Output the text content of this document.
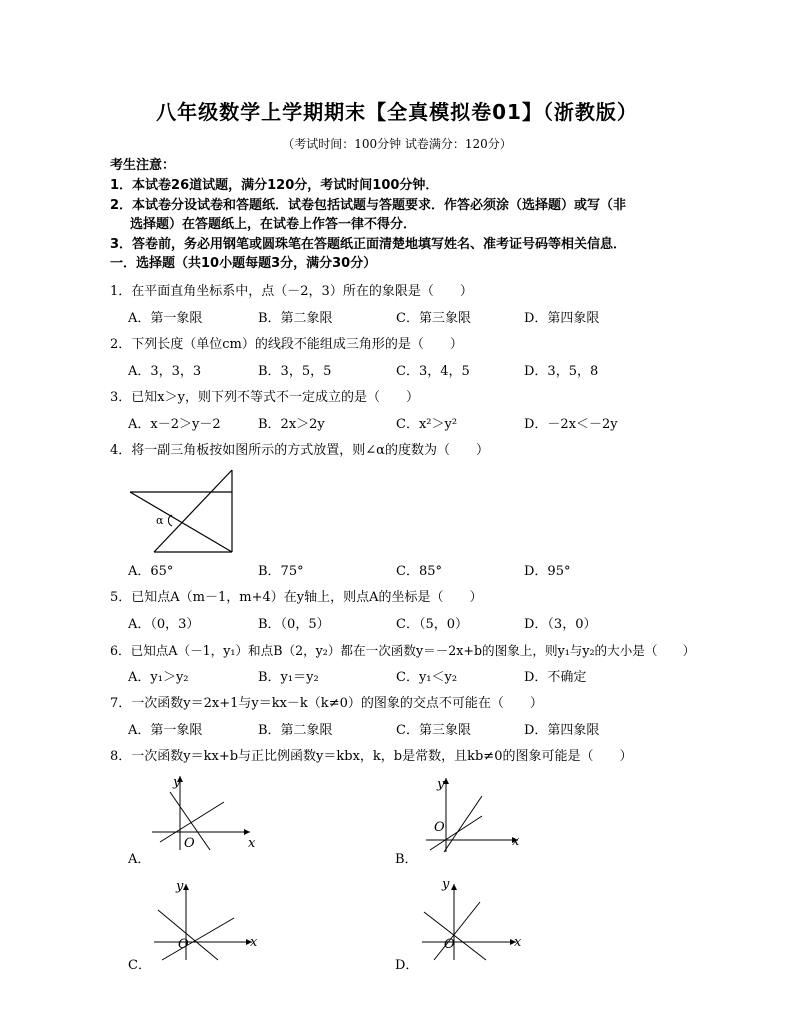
八年级数学上学期期末【全真模拟卷01】（浙教版）
（考试时间：100分钟 试卷满分：120分）
考生注意：
1．本试卷26道试题，满分120分，考试时间100分钟．
2．本试卷分设试卷和答题纸．试卷包括试题与答题要求．作答必须涂（选择题）或写（非
选择题）在答题纸上，在试卷上作答一律不得分．
3．答卷前，务必用钢笔或圆珠笔在答题纸正面清楚地填写姓名、准考证号码等相关信息．
一．选择题（共10小题每题3分，满分30分）
1．在平面直角坐标系中，点（－2，3）所在的象限是（　　）
A．第一象限	B．第二象限	C．第三象限	D．第四象限
2．下列长度（单位cm）的线段不能组成三角形的是（　　）
A．3，3，3	B．3，5，5	C．3，4，5	D．3，5，8
3．已知x＞y，则下列不等式不一定成立的是（　　）
A．x－2＞y－2	B．2x＞2y	C．x²＞y²	D．－2x＜－2y
4．将一副三角板按如图所示的方式放置，则∠α的度数为（　　）
α
A．65°	B．75°	C．85°	D．95°
5．已知点A（m－1，m+4）在y轴上，则点A的坐标是（　　）
A．（0，3）	B．（0，5）	C．（5，0）	D．（3，0）
6．已知点A（－1，y₁）和点B（2，y₂）都在一次函数y＝－2x+b的图象上，则y₁与y₂的大小是（　　）
A．y₁＞y₂	B．y₁＝y₂	C．y₁＜y₂	D．不确定
7．一次函数y＝2x+1与y＝kx－k（k≠0）的图象的交点不可能在（　　）
A．第一象限	B．第二象限	C．第三象限	D．第四象限
8．一次函数y＝kx+b与正比例函数y＝kbx，k，b是常数，且kb≠0的图象可能是（　　）
y
x
O
A．
y
x
O
B．
y
x
O
C．
y
x
O
D．
